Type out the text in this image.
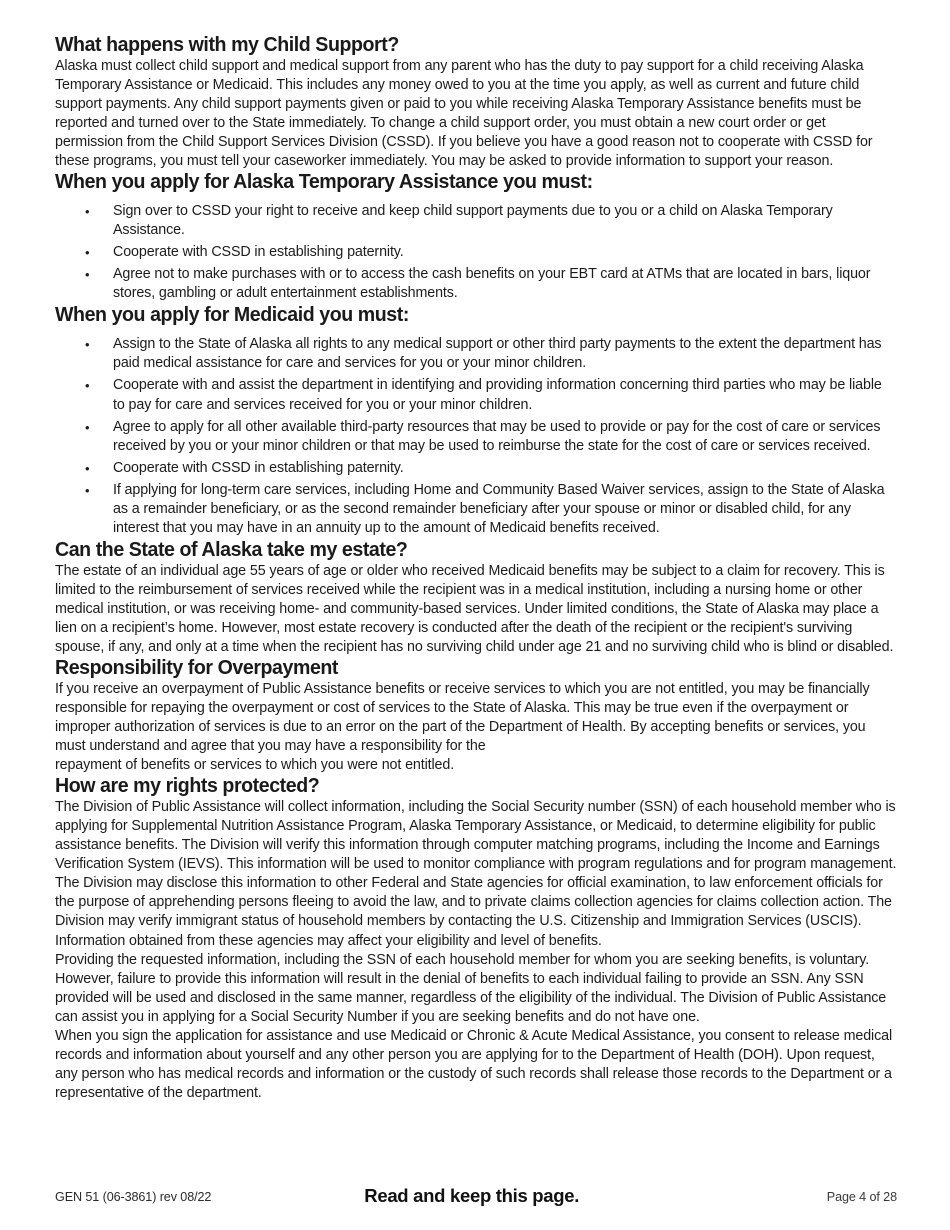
What happens with my Child Support?

Alaska must collect child support and medical support from any parent who has the duty to pay support for a child receiving Alaska Temporary Assistance or Medicaid. This includes any money owed to you at the time you apply, as well as current and future child support payments. Any child support payments given or paid to you while receiving Alaska Temporary Assistance benefits must be reported and turned over to the State immediately. To change a child support order, you must obtain a new court order or get permission from the Child Support Services Division (CSSD). If you believe you have a good reason not to cooperate with CSSD for these programs, you must tell your caseworker immediately. You may be asked to provide information to support your reason.

When you apply for Alaska Temporary Assistance you must:
• Sign over to CSSD your right to receive and keep child support payments due to you or a child on Alaska Temporary Assistance.
• Cooperate with CSSD in establishing paternity.
• Agree not to make purchases with or to access the cash benefits on your EBT card at ATMs that are located in bars, liquor stores, gambling or adult entertainment establishments.
When you apply for Medicaid you must:
• Assign to the State of Alaska all rights to any medical support or other third party payments to the extent the department has paid medical assistance for care and services for you or your minor children.
• Cooperate with and assist the department in identifying and providing information concerning third parties who may be liable to pay for care and services received for you or your minor children.
• Agree to apply for all other available third-party resources that may be used to provide or pay for the cost of care or services received by you or your minor children or that may be used to reimburse the state for the cost of care or services received.
• Cooperate with CSSD in establishing paternity.
• If applying for long-term care services, including Home and Community Based Waiver services, assign to the State of Alaska as a remainder beneficiary, or as the second remainder beneficiary after your spouse or minor or disabled child, for any interest that you may have in an annuity up to the amount of Medicaid benefits received.
Can the State of Alaska take my estate?

The estate of an individual age 55 years of age or older who received Medicaid benefits may be subject to a claim for recovery. This is limited to the reimbursement of services received while the recipient was in a medical institution, including a nursing home or other medical institution, or was receiving home- and community-based services. Under limited conditions, the State of Alaska may place a lien on a recipient’s home. However, most estate recovery is conducted after the death of the recipient or the recipient's surviving spouse, if any, and only at a time when the recipient has no surviving child under age 21 and no surviving child who is blind or disabled.

Responsibility for Overpayment

If you receive an overpayment of Public Assistance benefits or receive services to which you are not entitled, you may be financially responsible for repaying the overpayment or cost of services to the State of Alaska. This may be true even if the overpayment or improper authorization of services is due to an error on the part of the Department of Health. By accepting benefits or services, you must understand and agree that you may have a responsibility for the

repayment of benefits or services to which you were not entitled.

How are my rights protected?

The Division of Public Assistance will collect information, including the Social Security number (SSN) of each household member who is applying for Supplemental Nutrition Assistance Program, Alaska Temporary Assistance, or Medicaid, to determine eligibility for public assistance benefits. The Division will verify this information through computer matching programs, including the Income and Earnings Verification System (IEVS). This information will be used to monitor compliance with program regulations and for program management. The Division may disclose this information to other Federal and State agencies for official examination, to law enforcement officials for the purpose of apprehending persons fleeing to avoid the law, and to private claims collection agencies for claims collection action. The Division may verify immigrant status of household members by contacting the U.S. Citizenship and Immigration Services (USCIS). Information obtained from these agencies may affect your eligibility and level of benefits.

Providing the requested information, including the SSN of each household member for whom you are seeking benefits, is voluntary. However, failure to provide this information will result in the denial of benefits to each individual failing to provide an SSN. Any SSN provided will be used and disclosed in the same manner, regardless of the eligibility of the individual. The Division of Public Assistance can assist you in applying for a Social Security Number if you are seeking benefits and do not have one.

When you sign the application for assistance and use Medicaid or Chronic & Acute Medical Assistance, you consent to release medical records and information about yourself and any other person you are applying for to the Department of Health (DOH). Upon request, any person who has medical records and information or the custody of such records shall release those records to the Department or a representative of the department.

GEN 51 (06-3861) rev 08/22	Read and keep this page.	Page 4 of 28
